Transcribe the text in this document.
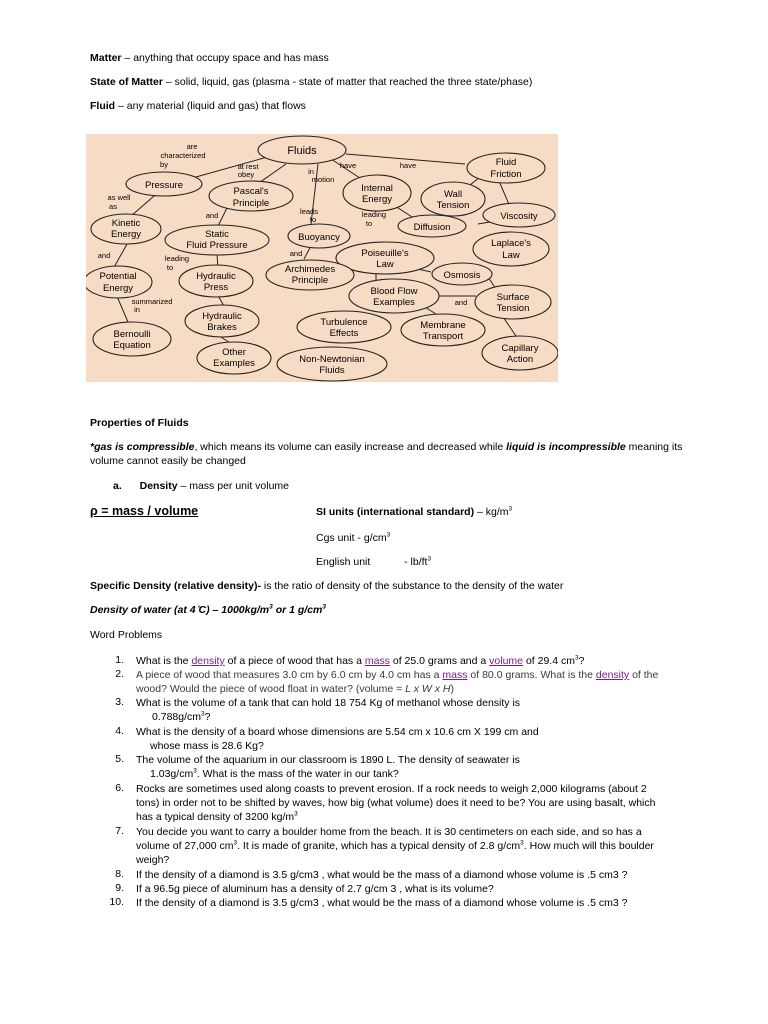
Matter – anything that occupy space and has mass
State of Matter – solid, liquid, gas (plasma - state of matter that reached the three state/phase)
Fluid – any material (liquid and gas) that flows
Fluids
Pressure
Pascal's
Principle
Kinetic
Energy	Static
Fluid Pressure
Buoyancy
Internal
Energy	Wall
Tension
Fluid
Friction
Viscosity
Diffusion
Poiseuille's
Law
Laplace's
Law
Potential
Energy
Hydraulic
Press
Archimedes
Principle	Osmosis
Blood Flow
Examples	Surface
Tension
Bernoulli
Equation
Hydraulic
Brakes	Turbulence
Effects
Membrane
Transport
Capillary
Action
Other
Examples	Non-Newtonian
Fluids
are
characterized
by	at rest
obey	in
motion
have	have
as well
as
and	leads
to
leading
to
and
leading
to
and
summarized
in
and
Properties of Fluids
*gas is compressible, which means its volume can easily increase and decreased while liquid is incompressible meaning its
volume cannot easily be changed
a. Density – mass per unit volume
ρ = mass / volume	SI units (international standard) – $kg/m^3$
Cgs unit - $g/cm^3$
English unit	- $lb/ft^3$
Specific Density (relative density)- is the ratio of density of the substance to the density of the water
Density of water (at 4 ̊C) – $1000kg/m^3$ or 1 $g/cm^3$
Word Problems
1. What is the density of a piece of wood that has a mass of 25.0 grams and a volume of 29.4 $cm^3$?
2. A piece of wood that measures 3.0 cm by 6.0 cm by 4.0 cm has a mass of 80.0 grams. What is the density of the
wood? Would the piece of wood float in water? (volume = L x W x H)
3. What is the volume of a tank that can hold 18 754 Kg of methanol whose density is
$0.788g/cm^3$?
4. What is the density of a board whose dimensions are 5.54 cm x 10.6 cm X 199 cm and
whose mass is 28.6 Kg?
5. The volume of the aquarium in our classroom is 1890 L. The density of seawater is
$1.03g/cm^3$. What is the mass of the water in our tank?
6. Rocks are sometimes used along coasts to prevent erosion. If a rock needs to weigh 2,000 kilograms (about 2
tons) in order not to be shifted by waves, how big (what volume) does it need to be? You are using basalt, which
has a typical density of 3200 $kg/m^3$
7. You decide you want to carry a boulder home from the beach. It is 30 centimeters on each side, and so has a
volume of 27,000 $cm^3$. It is made of granite, which has a typical density of 2.8 $g/cm^3$. How much will this boulder
weigh?
8. If the density of a diamond is 3.5 g/cm3 , what would be the mass of a diamond whose volume is .5 cm3 ?
9. If a 96.5g piece of aluminum has a density of 2.7 g/cm 3 , what is its volume?
10. If the density of a diamond is 3.5 g/cm3 , what would be the mass of a diamond whose volume is .5 cm3 ?
